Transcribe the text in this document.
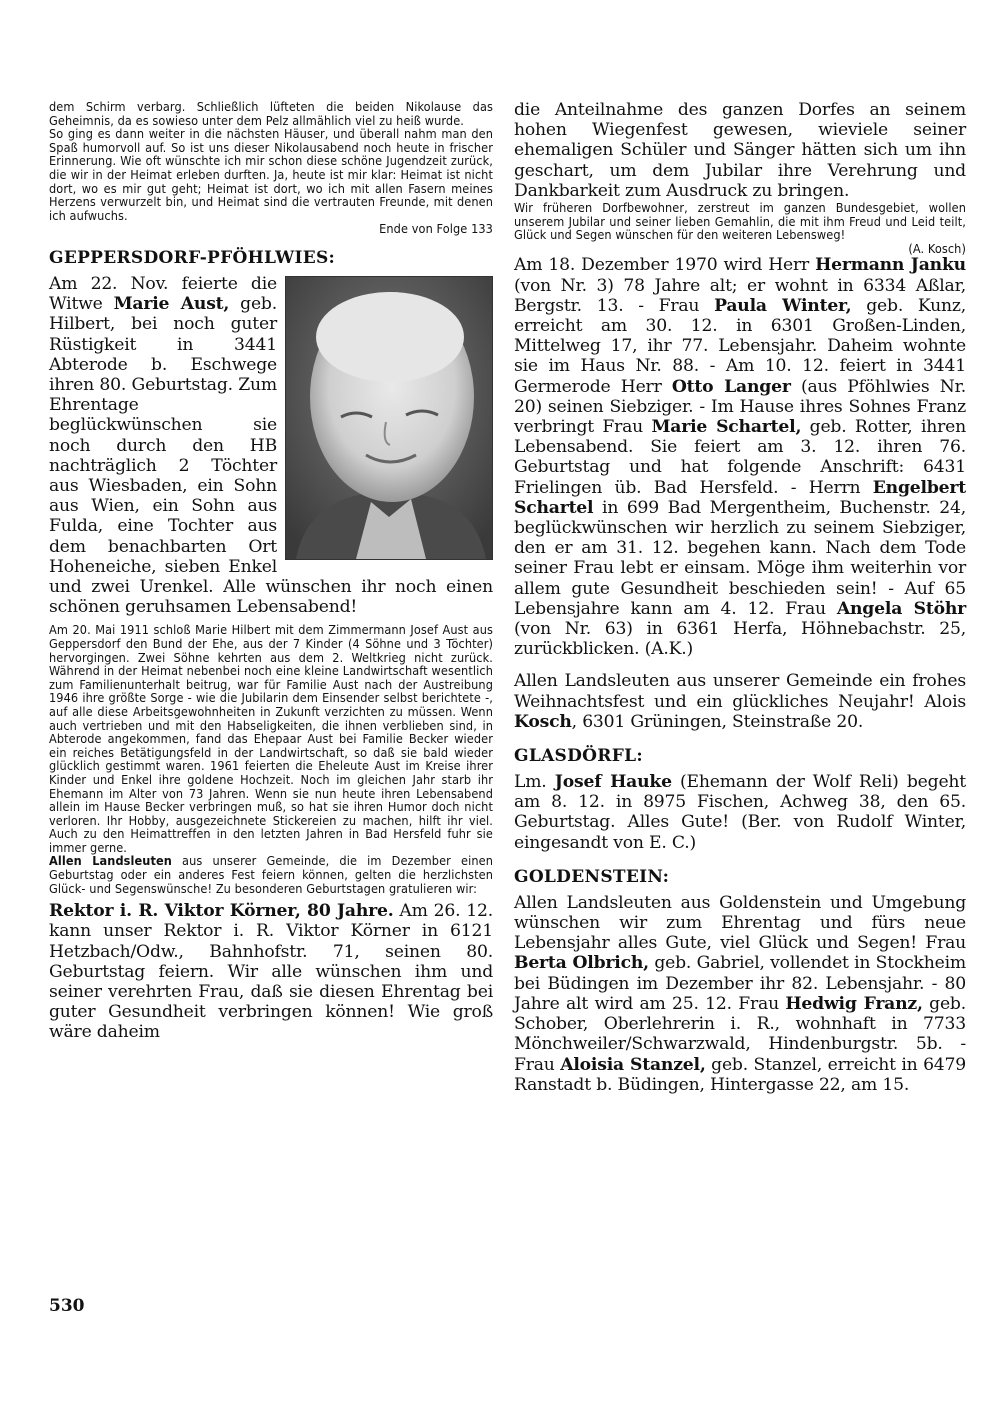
dem Schirm verbarg. Schließlich lüfteten die beiden Nikolause das Geheimnis, da es sowieso unter dem Pelz allmählich viel zu heiß wurde.

So ging es dann weiter in die nächsten Häuser, und überall nahm man den Spaß humorvoll auf. So ist uns dieser Nikolausabend noch heute in frischer Erinnerung. Wie oft wünschte ich mir schon diese schöne Jugendzeit zurück, die wir in der Heimat erleben durften. Ja, heute ist mir klar: Heimat ist nicht dort, wo es mir gut geht; Heimat ist dort, wo ich mit allen Fasern meines Herzens verwurzelt bin, und Heimat sind die vertrauten Freunde, mit denen ich aufwuchs.

Ende von Folge 133

GEPPERSDORF-PFÖHLWIES:

Am 22. Nov. feierte die Witwe Marie Aust, geb. Hilbert, bei noch guter Rüstigkeit in 3441 Abterode b. Eschwege ihren 80. Geburtstag. Zum Ehrentage beglückwünschen sie noch durch den HB nachträglich 2 Töchter aus Wiesbaden, ein Sohn aus Wien, ein Sohn aus Fulda, eine Tochter aus dem benachbarten Ort Hoheneiche, sieben Enkel und zwei Urenkel. Alle wünschen ihr noch einen schönen geruhsamen Lebensabend!

Am 20. Mai 1911 schloß Marie Hilbert mit dem Zimmermann Josef Aust aus Geppersdorf den Bund der Ehe, aus der 7 Kinder (4 Söhne und 3 Töchter) hervorgingen. Zwei Söhne kehrten aus dem 2. Weltkrieg nicht zurück. Während in der Heimat nebenbei noch eine kleine Landwirtschaft wesentlich zum Familienunterhalt beitrug, war für Familie Aust nach der Austreibung 1946 ihre größte Sorge - wie die Jubilarin dem Einsender selbst berichtete -, auf alle diese Arbeitsgewohnheiten in Zukunft verzichten zu müssen. Wenn auch vertrieben und mit den Habseligkeiten, die ihnen verblieben sind, in Abterode angekommen, fand das Ehepaar Aust bei Familie Becker wieder ein reiches Betätigungsfeld in der Landwirtschaft, so daß sie bald wieder glücklich gestimmt waren. 1961 feierten die Eheleute Aust im Kreise ihrer Kinder und Enkel ihre goldene Hochzeit. Noch im gleichen Jahr starb ihr Ehemann im Alter von 73 Jahren. Wenn sie nun heute ihren Lebensabend allein im Hause Becker verbringen muß, so hat sie ihren Humor doch nicht verloren. Ihr Hobby, ausgezeichnete Stickereien zu machen, hilft ihr viel. Auch zu den Heimattreffen in den letzten Jahren in Bad Hersfeld fuhr sie immer gerne.

Allen Landsleuten aus unserer Gemeinde, die im Dezember einen Geburtstag oder ein anderes Fest feiern können, gelten die herzlichsten Glück- und Segenswünsche! Zu besonderen Geburtstagen gratulieren wir:

Rektor i. R. Viktor Körner, 80 Jahre. Am 26. 12. kann unser Rektor i. R. Viktor Körner in 6121 Hetzbach/Odw., Bahnhofstr. 71, seinen 80. Geburtstag feiern. Wir alle wünschen ihm und seiner verehrten Frau, daß sie diesen Ehrentag bei guter Gesundheit verbringen können! Wie groß wäre daheim

die Anteilnahme des ganzen Dorfes an seinem hohen Wiegenfest gewesen, wieviele seiner ehemaligen Schüler und Sänger hätten sich um ihn geschart, um dem Jubilar ihre Verehrung und Dankbarkeit zum Ausdruck zu bringen.

Wir früheren Dorfbewohner, zerstreut im ganzen Bundesgebiet, wollen unserem Jubilar und seiner lieben Gemahlin, die mit ihm Freud und Leid teilt, Glück und Segen wünschen für den weiteren Lebensweg!

(A. Kosch)

Am 18. Dezember 1970 wird Herr Hermann Janku (von Nr. 3) 78 Jahre alt; er wohnt in 6334 Aßlar, Bergstr. 13. - Frau Paula Winter, geb. Kunz, erreicht am 30. 12. in 6301 Großen-Linden, Mittelweg 17, ihr 77. Lebensjahr. Daheim wohnte sie im Haus Nr. 88. - Am 10. 12. feiert in 3441 Germerode Herr Otto Langer (aus Pföhlwies Nr. 20) seinen Siebziger. - Im Hause ihres Sohnes Franz verbringt Frau Marie Schartel, geb. Rotter, ihren Lebensabend. Sie feiert am 3. 12. ihren 76. Geburtstag und hat folgende Anschrift: 6431 Frielingen üb. Bad Hersfeld. - Herrn Engelbert Schartel in 699 Bad Mergentheim, Buchenstr. 24, beglückwünschen wir herzlich zu seinem Siebziger, den er am 31. 12. begehen kann. Nach dem Tode seiner Frau lebt er einsam. Möge ihm weiterhin vor allem gute Gesundheit beschieden sein! - Auf 65 Lebensjahre kann am 4. 12. Frau Angela Stöhr (von Nr. 63) in 6361 Herfa, Höhnebachstr. 25, zurückblicken. (A.K.)

Allen Landsleuten aus unserer Gemeinde ein frohes Weihnachtsfest und ein glückliches Neujahr! Alois Kosch, 6301 Grüningen, Steinstraße 20.

GLASDÖRFL:

Lm. Josef Hauke (Ehemann der Wolf Reli) begeht am 8. 12. in 8975 Fischen, Achweg 38, den 65. Geburtstag. Alles Gute! (Ber. von Rudolf Winter, eingesandt von E. C.)

GOLDENSTEIN:

Allen Landsleuten aus Goldenstein und Umgebung wünschen wir zum Ehrentag und fürs neue Lebensjahr alles Gute, viel Glück und Segen! Frau Berta Olbrich, geb. Gabriel, vollendet in Stockheim bei Büdingen im Dezember ihr 82. Lebensjahr. - 80 Jahre alt wird am 25. 12. Frau Hedwig Franz, geb. Schober, Oberlehrerin i. R., wohnhaft in 7733 Mönchweiler/Schwarzwald, Hindenburgstr. 5b. - Frau Aloisia Stanzel, geb. Stanzel, erreicht in 6479 Ranstadt b. Büdingen, Hintergasse 22, am 15.

530
